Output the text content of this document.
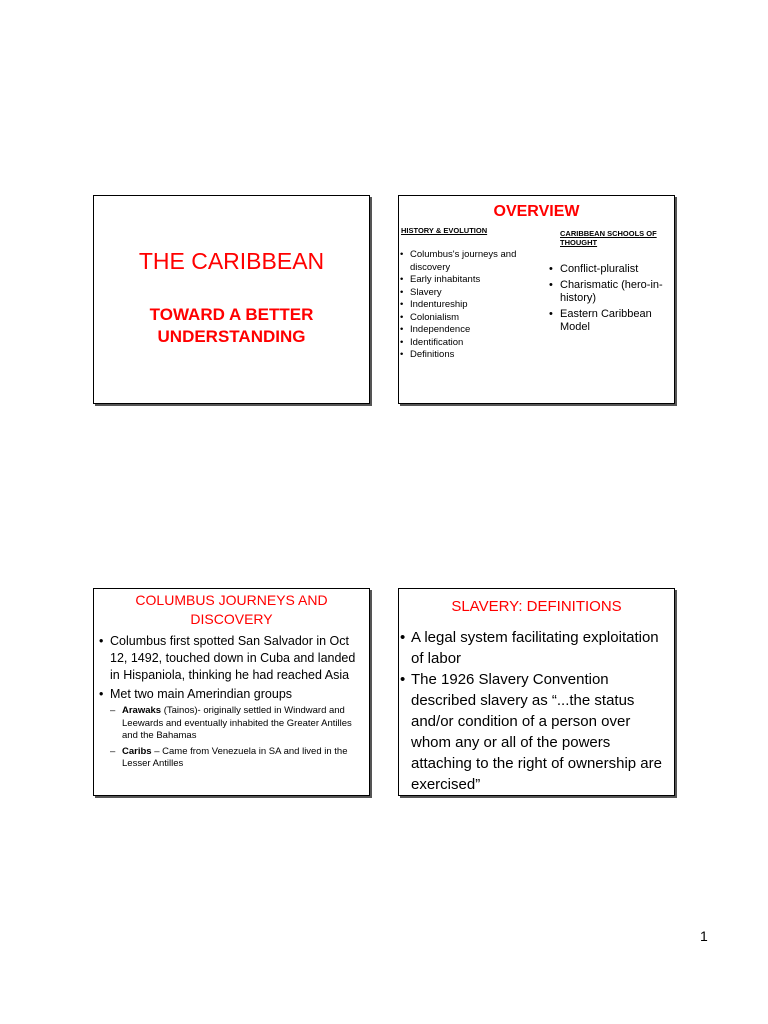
THE CARIBBEAN
TOWARD A BETTER
UNDERSTANDING
OVERVIEW
HISTORY & EVOLUTION	CARIBBEAN SCHOOLS OF THOUGHT
• Columbus's journeys and discovery
• Early inhabitants
• Slavery
• Indentureship
• Colonialism
• Independence
• Identification
• Definitions
• Conflict-pluralist
• Charismatic (hero-in-history)
• Eastern Caribbean Model
COLUMBUS JOURNEYS AND DISCOVERY
• Columbus first spotted San Salvador in Oct 12, 1492, touched down in Cuba and landed in Hispaniola, thinking he had reached Asia
• Met two main Amerindian groups
– Arawaks (Tainos)- originally settled in Windward and Leewards and eventually inhabited the Greater Antilles and the Bahamas
– Caribs – Came from Venezuela in SA and lived in the Lesser Antilles
SLAVERY: DEFINITIONS
• A legal system facilitating exploitation of labor
• The 1926 Slavery Convention described slavery as “...the status and/or condition of a person over whom any or all of the powers attaching to the right of ownership are exercised”
1
